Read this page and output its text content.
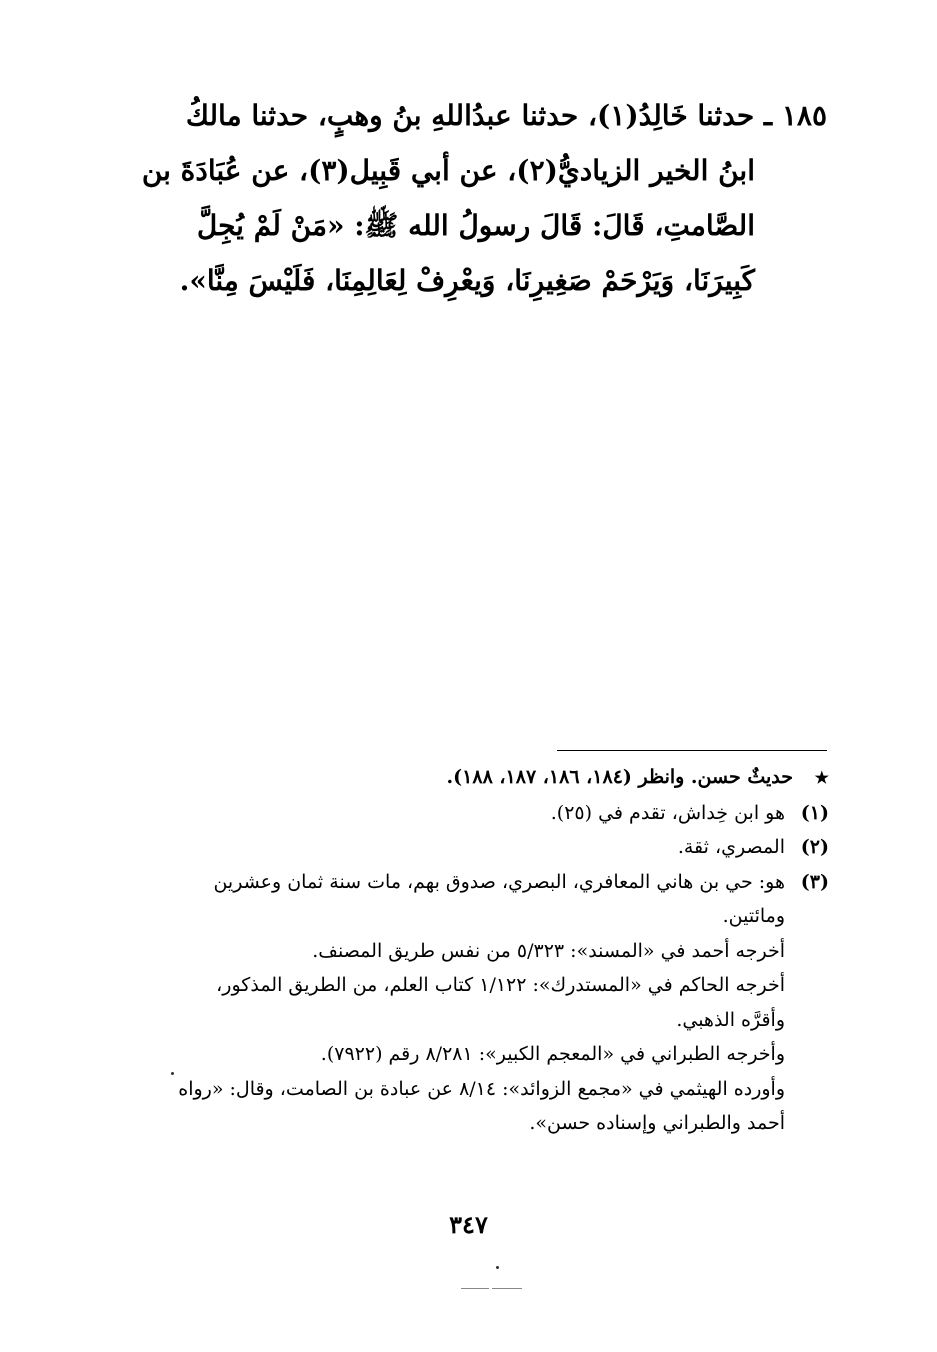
١٨٥ ـ حدثنا خَالِدُ(١)، حدثنا عبدُاللهِ بنُ وهبٍ، حدثنا مالكُ
ابنُ الخير الزياديُّ(٢)، عن أبي قَبِيل(٣)، عن عُبَادَةَ بن
الصَّامتِ، قَالَ: قَالَ رسولُ الله ﷺ: «مَنْ لَمْ يُجِلَّ
كَبِيرَنَا، وَيَرْحَمْ صَغِيرِنَا، وَيعْرِفْ لِعَالِمِنَا، فَلَيْسَ مِنَّا».
★حديثٌ حسن. وانظر (١٨٤، ١٨٦، ١٨٧، ١٨٨).
(١)هو ابن خِداش، تقدم في (٢٥).
(٢)المصري، ثقة.
(٣)هو: حي بن هاني المعافري، البصري، صدوق بهم، مات سنة ثمان وعشرين
ومائتين.
أخرجه أحمد في «المسند»: ٥/٣٢٣ من نفس طريق المصنف.
أخرجه الحاكم في «المستدرك»: ١/١٢٢ كتاب العلم، من الطريق المذكور،
وأقرَّه الذهبي.
وأخرجه الطبراني في «المعجم الكبير»: ٨/٢٨١ رقم (٧٩٢٢).
وأورده الهيثمي في «مجمع الزوائد»: ٨/١٤ عن عبادة بن الصامت، وقال: «رواه
أحمد والطبراني وإسناده حسن».
٣٤٧
